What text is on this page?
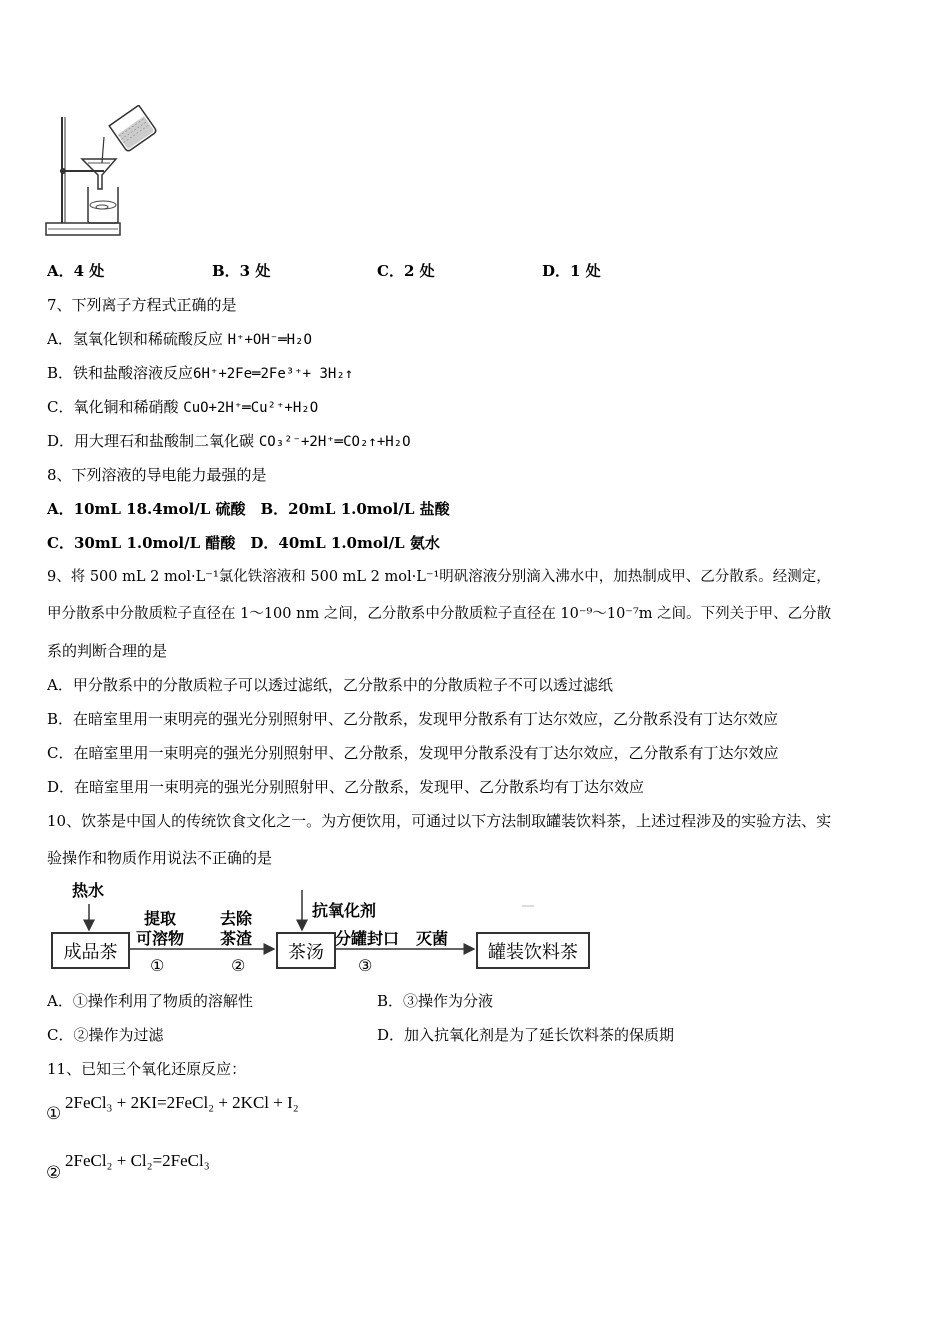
A．4 处	B．3 处	C．2 处	D．1 处
7、下列离子方程式正确的是
A．氢氧化钡和稀硫酸反应 H⁺+OH⁻═H₂O
B．铁和盐酸溶液反应6H⁺+2Fe═2Fe³⁺+ 3H₂↑
C．氧化铜和稀硝酸 CuO+2H⁺═Cu²⁺+H₂O
D．用大理石和盐酸制二氧化碳 CO₃²⁻+2H⁺═CO₂↑+H₂O
8、下列溶液的导电能力最强的是
A．10mL 18.4mol/L 硫酸　B．20mL 1.0mol/L 盐酸
C．30mL 1.0mol/L 醋酸　D．40mL 1.0mol/L 氨水
9、将 500 mL 2 mol·L⁻¹氯化铁溶液和 500 mL 2 mol·L⁻¹明矾溶液分别滴入沸水中，加热制成甲、乙分散系。经测定，
甲分散系中分散质粒子直径在 1～100 nm 之间，乙分散系中分散质粒子直径在 10⁻⁹～10⁻⁷m 之间。下列关于甲、乙分散
系的判断合理的是
A．甲分散系中的分散质粒子可以透过滤纸，乙分散系中的分散质粒子不可以透过滤纸
B．在暗室里用一束明亮的强光分别照射甲、乙分散系，发现甲分散系有丁达尔效应，乙分散系没有丁达尔效应
C．在暗室里用一束明亮的强光分别照射甲、乙分散系，发现甲分散系没有丁达尔效应，乙分散系有丁达尔效应
D．在暗室里用一束明亮的强光分别照射甲、乙分散系，发现甲、乙分散系均有丁达尔效应
10、饮茶是中国人的传统饮食文化之一。为方便饮用，可通过以下方法制取罐装饮料茶，上述过程涉及的实验方法、实
验操作和物质作用说法不正确的是
热水
成品茶
提取
可溶物
①
去除
茶渣
②
抗氧化剂
茶汤
分罐封口
③
灭菌
罐装饮料茶
A．①操作利用了物质的溶解性	B．③操作为分液
C．②操作为过滤	D．加入抗氧化剂是为了延长饮料茶的保质期
11、已知三个氧化还原反应：
①
2FeCl₃ + 2KI=2FeCl₂ + 2KCl + I₂
②
2FeCl₂ + Cl₂=2FeCl₃
